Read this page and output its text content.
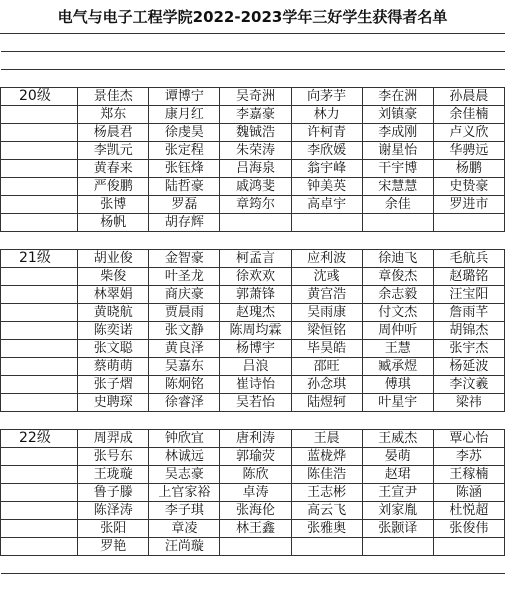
电气与电子工程学院2022-2023学年三好学生获得者名单

20级	景佳杰	谭博宁	吴奇洲	向茅芋	李在洲	孙晨晨
	郑东	康月红	李嘉豪	林力	刘镇豪	余佳楠
	杨晨君	徐虔昊	魏铖浩	许柯青	李成刚	卢义欣
	李凯元	张定程	朱荣涛	李欣媛	谢星怡	华骋远
	黄春来	张钰烽	吕海泉	翁宇峰	干宇博	杨鹏
	严俊鹏	陆哲豪	戚鸿斐	钟美英	宋慧慧	史贽豪
	张博	罗磊	章筠尔	高卓宇	余佳	罗进市
	杨帆	胡存辉				

21级	胡业俊	金智豪	柯孟言	应利波	徐迪飞	毛航兵
	柴俊	叶圣龙	徐欢欢	沈彧	章俊杰	赵璐铭
	林翠娟	商庆豪	郭萧锋	黄宫浩	余志毅	汪宝阳
	黄晓航	贾晨雨	赵瑰杰	吴雨康	付文杰	詹雨芊
	陈奕诺	张文静	陈周均霖	梁恒铭	周仲听	胡锦杰
	张文聪	黄良泽	杨博宇	毕昊皓	王慧	张宇杰
	蔡萌萌	吴嘉东	吕浪	邵旺	臧承煜	杨延波
	张子熠	陈炯铭	崔诗怡	孙念琪	傅琪	李汶羲
	史聘琛	徐睿泽	吴若怡	陆煜轲	叶星宇	梁祎

22级	周羿成	钟欣宜	唐利涛	王晨	王威杰	覃心怡
	张号东	林诚远	郭瑜荧	蓝栊烨	晏萌	李苏
	王珑璇	吴志豪	陈欣	陈佳浩	赵珺	王稼楠
	鲁子滕	上官家裕	卓涛	王志彬	王宣尹	陈涵
	陈泽涛	李子琪	张海伦	高云飞	刘家胤	杜悦超
	张阳	章凌	林王鑫	张雅奥	张颢译	张俊伟
	罗艳	汪尚璇				
